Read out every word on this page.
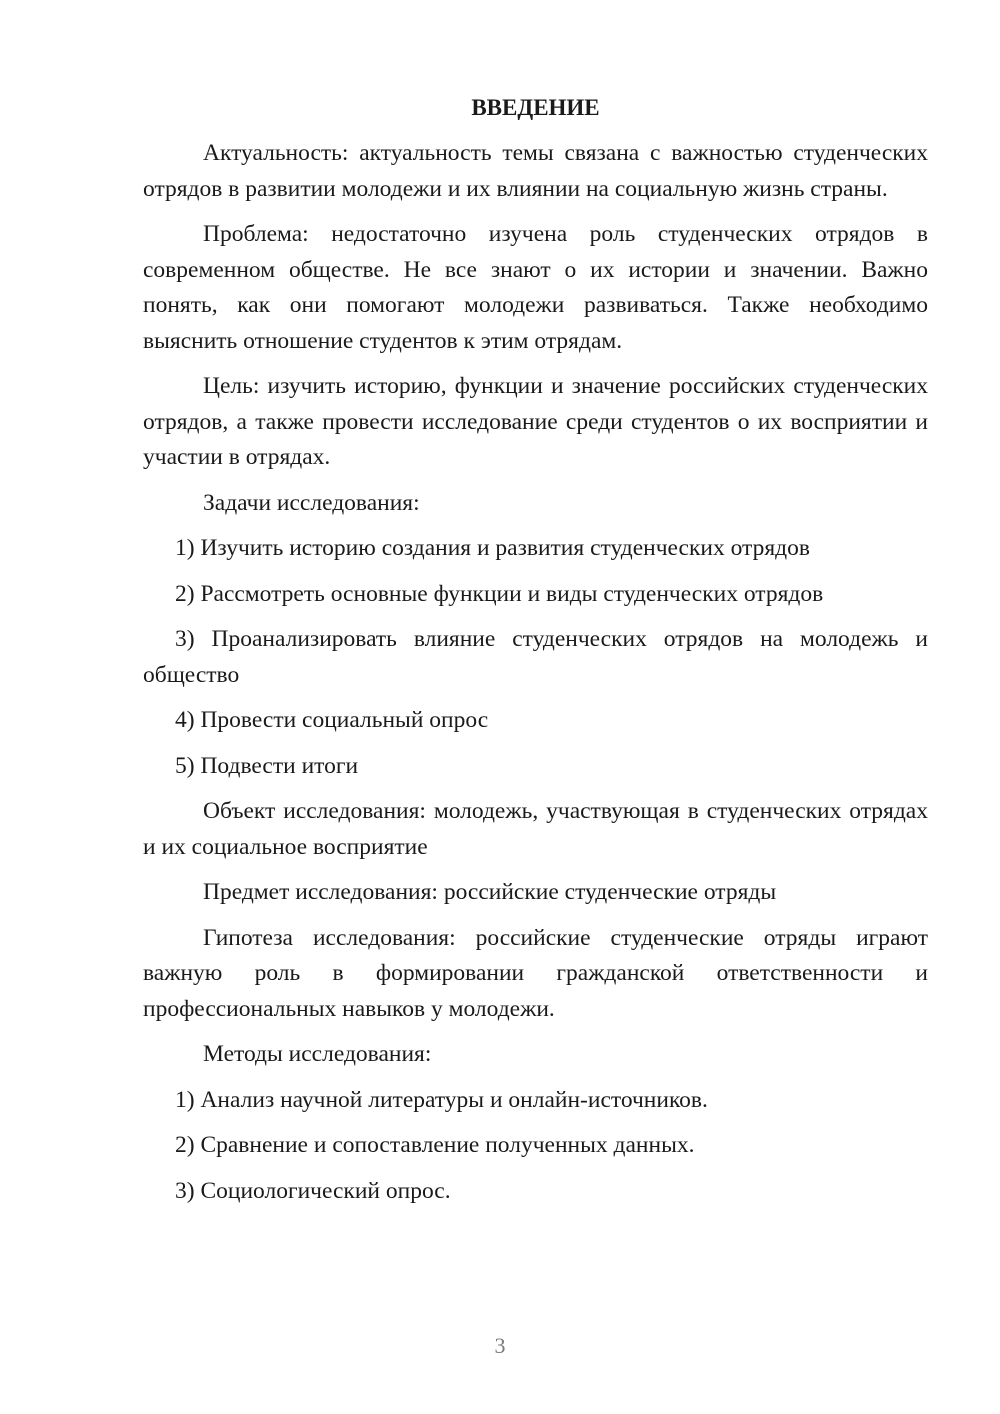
ВВЕДЕНИЕ

Актуальность: актуальность темы связана с важностью студенческих отрядов в развитии молодежи и их влиянии на социальную жизнь страны.

Проблема: недостаточно изучена роль студенческих отрядов в современном обществе. Не все знают о их истории и значении. Важно понять, как они помогают молодежи развиваться. Также необходимо выяснить отношение студентов к этим отрядам.

Цель: изучить историю, функции и значение российских студенческих отрядов, а также провести исследование среди студентов о их восприятии и участии в отрядах.

Задачи исследования:

1) Изучить историю создания и развития студенческих отрядов

2) Рассмотреть основные функции и виды студенческих отрядов

3) Проанализировать влияние студенческих отрядов на молодежь и общество

4) Провести социальный опрос

5) Подвести итоги

Объект исследования: молодежь, участвующая в студенческих отрядах и их социальное восприятие

Предмет исследования: российские студенческие отряды

Гипотеза исследования: российские студенческие отряды играют важную роль в формировании гражданской ответственности и профессиональных навыков у молодежи.

Методы исследования:

1) Анализ научной литературы и онлайн-источников.

2) Сравнение и сопоставление полученных данных.

3) Социологический опрос.

3
